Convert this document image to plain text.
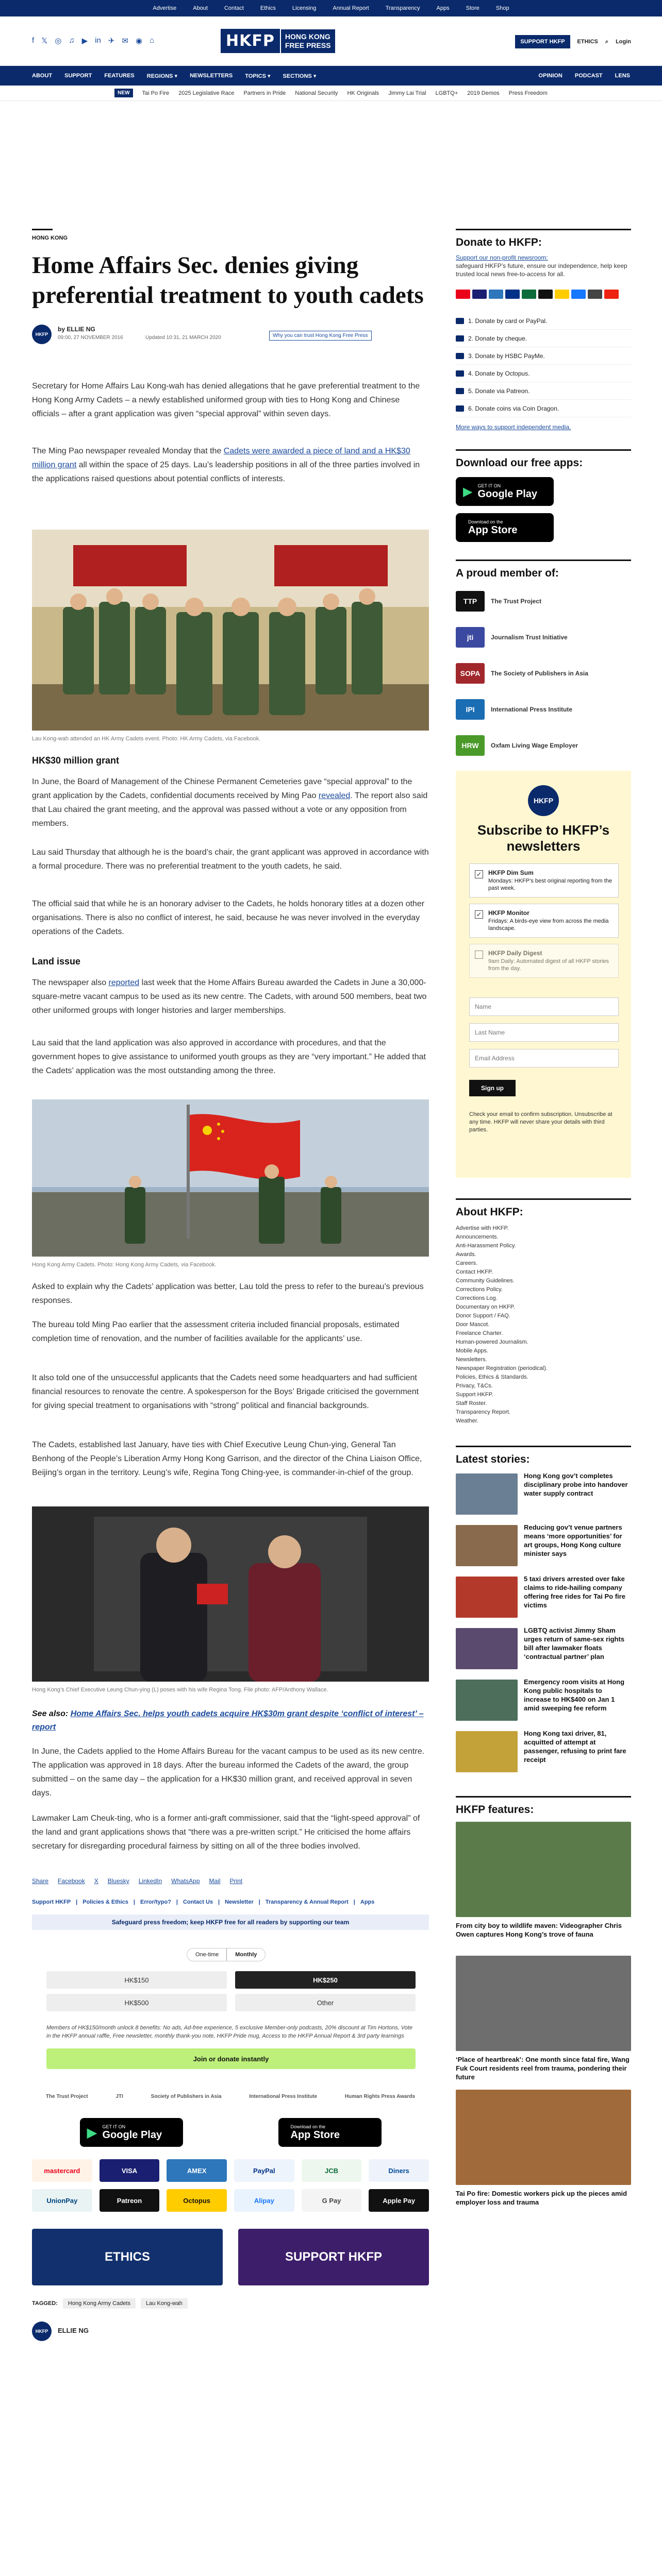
Advertise	About	Contact	Ethics	Licensing	Annual Report	Transparency	Apps	Store	Shop
f 𝕏 ◎ ♫ ▶ in ✈ ✉ ◉ ⌂	HKFP	HONG KONG
FREE PRESS	SUPPORT HKFP	ETHICS ⌕ Login
ABOUT SUPPORT FEATURES REGIONS ▾ NEWSLETTERS TOPICS ▾ SECTIONS ▾	OPINION PODCAST LENS
NEW	Tai Po Fire 2025 Legislative Race Partners in Pride National Security HK Originals Jimmy Lai Trial LGBTQ+ 2019 Demos Press Freedom
HONG KONG
Home Affairs Sec. denies giving preferential treatment to youth cadets
HKFP
by ELLIE NG
09:00, 27 NOVEMBER 2016	Updated 10:31, 21 MARCH 2020	Why you can trust Hong Kong Free Press

Secretary for Home Affairs Lau Kong-wah has denied allegations that he gave preferential treatment to the Hong Kong Army Cadets – a newly established uniformed group with ties to Hong Kong and Chinese officials – after a grant application was given “special approval” within seven days.

The Ming Pao newspaper revealed Monday that the Cadets were awarded a piece of land and a HK$30 million grant all within the space of 25 days. Lau’s leadership positions in all of the three parties involved in the applications raised questions about potential conflicts of interests.

Lau Kong-wah attended an HK Army Cadets event. Photo: HK Army Cadets, via Facebook.
HK$30 million grant

In June, the Board of Management of the Chinese Permanent Cemeteries gave “special approval” to the grant application by the Cadets, confidential documents received by Ming Pao revealed. The report also said that Lau chaired the grant meeting, and the approval was passed without a vote or any opposition from members.

Lau said Thursday that although he is the board’s chair, the grant applicant was approved in accordance with a formal procedure. There was no preferential treatment to the youth cadets, he said.

The official said that while he is an honorary adviser to the Cadets, he holds honorary titles at a dozen other organisations. There is also no conflict of interest, he said, because he was never involved in the everyday operations of the Cadets.

Land issue

The newspaper also reported last week that the Home Affairs Bureau awarded the Cadets in June a 30,000-square-metre vacant campus to be used as its new centre. The Cadets, with around 500 members, beat two other uniformed groups with longer histories and larger memberships.

Lau said that the land application was also approved in accordance with procedures, and that the government hopes to give assistance to uniformed youth groups as they are “very important.” He added that the Cadets’ application was the most outstanding among the three.

Hong Kong Army Cadets. Photo: Hong Kong Army Cadets, via Facebook.

Asked to explain why the Cadets’ application was better, Lau told the press to refer to the bureau’s previous responses.

The bureau told Ming Pao earlier that the assessment criteria included financial proposals, estimated completion time of renovation, and the number of facilities available for the applicants’ use.

It also told one of the unsuccessful applicants that the Cadets need some headquarters and had sufficient financial resources to renovate the centre. A spokesperson for the Boys’ Brigade criticised the government for giving special treatment to organisations with “strong” political and financial backgrounds.

The Cadets, established last January, have ties with Chief Executive Leung Chun-ying, General Tan Benhong of the People’s Liberation Army Hong Kong Garrison, and the director of the China Liaison Office, Beijing’s organ in the territory. Leung’s wife, Regina Tong Ching-yee, is commander-in-chief of the group.

Hong Kong’s Chief Executive Leung Chun-ying (L) poses with his wife Regina Tong. File photo: AFP/Anthony Wallace.

See also: Home Affairs Sec. helps youth cadets acquire HK$30m grant despite ‘conflict of interest’ – report

In June, the Cadets applied to the Home Affairs Bureau for the vacant campus to be used as its new centre. The application was approved in 18 days. After the bureau informed the Cadets of the award, the group submitted – on the same day – the application for a HK$30 million grant, and received approval in seven days.

Lawmaker Lam Cheuk-ting, who is a former anti-graft commissioner, said that the “light-speed approval” of the land and grant applications shows that “there was a pre-written script.” He criticised the home affairs secretary for disregarding procedural fairness by sitting on all of the three bodies involved.

Share Facebook X Bluesky LinkedIn WhatsApp Mail Print
Support HKFP | Policies & Ethics | Error/typo? | Contact Us | Newsletter | Transparency & Annual Report | Apps
Safeguard press freedom; keep HKFP free for all readers by supporting our team
One-time	Monthly
HK$150	HK$250
HK$500	Other

Members of HK$150/month unlock 8 benefits: No ads, Ad-free experience, 5 exclusive Member-only podcasts, 20% discount at Tim Hortons, Vote in the HKFP annual raffle, Free newsletter, monthly thank-you note, HKFP Pride mug, Access to the HKFP Annual Report & 3rd party learnings

Join or donate instantly
The Trust Project	JTI	Society of Publishers in Asia	International Press Institute	Human Rights Press Awards
▶ GET IT ON
Google Play
Download on the
App Store
mastercard	VISA	AMEX	PayPal	JCB	Diners
UnionPay	Patreon	Octopus	Alipay	G Pay	Apple Pay
ETHICS	SUPPORT HKFP
TAGGED:	Hong Kong Army Cadets	Lau Kong-wah
HKFP	ELLIE NG
Donate to HKFP:

Support our non-profit newsroom:

safeguard HKFP’s future, ensure our independence, help keep trusted local news free-to-access for all.

1. Donate by card or PayPal.
2. Donate by cheque.
3. Donate by HSBC PayMe.
4. Donate by Octopus.
5. Donate via Patreon.
6. Donate coins via Coin Dragon.

More ways to support independent media.

Download our free apps:
▶ GET IT ON
Google Play
Download on the
App Store
A proud member of:
TTP	The Trust Project
jti	Journalism Trust Initiative
SOPA	The Society of Publishers in Asia
IPI	International Press Institute
HRW	Oxfam Living Wage Employer
HKFP
Subscribe to HKFP’s newsletters
✓ HKFP Dim Sum
Mondays: HKFP’s best original reporting from the past week.
✓ HKFP Monitor
Fridays: A birds-eye view from across the media landscape.
HKFP Daily Digest
9am Daily: Automated digest of all HKFP stories from the day.
Name
Last Name
Email Address
Sign up

Check your email to confirm subscription. Unsubscribe at any time. HKFP will never share your details with third parties.

About HKFP:
Advertise with HKFP.
Announcements.
Anti-Harassment Policy.
Awards.
Careers.
Contact HKFP.
Community Guidelines.
Corrections Policy.
Corrections Log.
Documentary on HKFP.
Donor Support / FAQ.
Door Mascot.
Freelance Charter.
Human-powered Journalism.
Mobile Apps.
Newsletters.
Newspaper Registration (periodical).
Policies, Ethics & Standards.
Privacy, T&Cs.
Support HKFP.
Staff Roster.
Transparency Report.
Weather.
Latest stories:
Hong Kong gov’t completes disciplinary probe into handover water supply contract
Reducing gov’t venue partners means ‘more opportunities’ for art groups, Hong Kong culture minister says
5 taxi drivers arrested over fake claims to ride-hailing company offering free rides for Tai Po fire victims
LGBTQ activist Jimmy Sham urges return of same-sex rights bill after lawmaker floats ‘contractual partner’ plan
Emergency room visits at Hong Kong public hospitals to increase to HK$400 on Jan 1 amid sweeping fee reform
Hong Kong taxi driver, 81, acquitted of attempt at passenger, refusing to print fare receipt
HKFP features:
From city boy to wildlife maven: Videographer Chris Owen captures Hong Kong’s trove of fauna
‘Place of heartbreak’: One month since fatal fire, Wang Fuk Court residents reel from trauma, pondering their future
Tai Po fire: Domestic workers pick up the pieces amid employer loss and trauma
